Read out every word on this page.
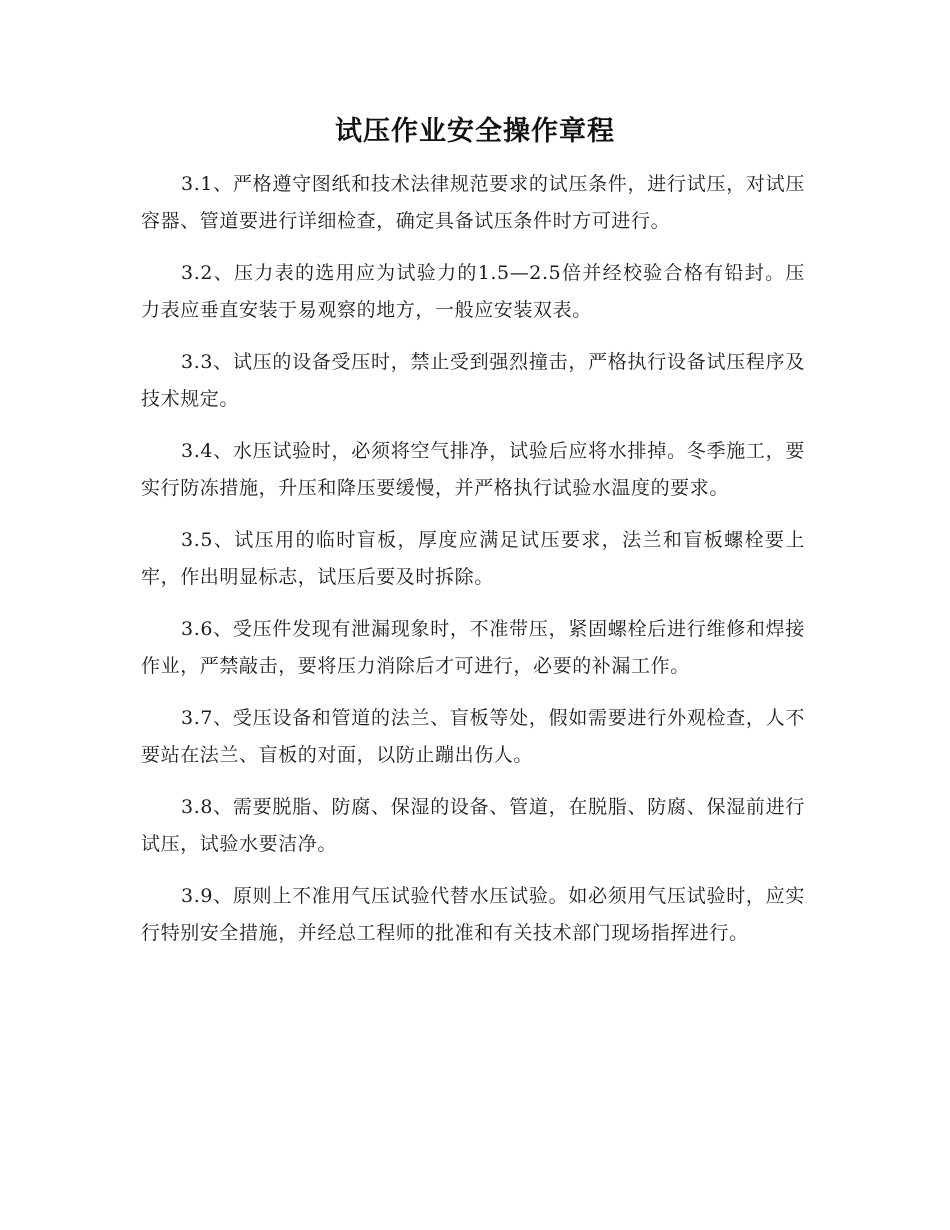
试压作业安全操作章程

3.1、严格遵守图纸和技术法律规范要求的试压条件，进行试压，对试压容器、管道要进行详细检查，确定具备试压条件时方可进行。

3.2、压力表的选用应为试验力的1.5—2.5倍并经校验合格有铅封。压力表应垂直安装于易观察的地方，一般应安装双表。

3.3、试压的设备受压时，禁止受到强烈撞击，严格执行设备试压程序及技术规定。

3.4、水压试验时，必须将空气排净，试验后应将水排掉。冬季施工，要实行防冻措施，升压和降压要缓慢，并严格执行试验水温度的要求。

3.5、试压用的临时盲板，厚度应满足试压要求，法兰和盲板螺栓要上牢，作出明显标志，试压后要及时拆除。

3.6、受压件发现有泄漏现象时，不准带压，紧固螺栓后进行维修和焊接作业，严禁敲击，要将压力消除后才可进行，必要的补漏工作。

3.7、受压设备和管道的法兰、盲板等处，假如需要进行外观检查，人不要站在法兰、盲板的对面，以防止蹦出伤人。

3.8、需要脱脂、防腐、保湿的设备、管道，在脱脂、防腐、保湿前进行试压，试验水要洁净。

3.9、原则上不准用气压试验代替水压试验。如必须用气压试验时，应实行特别安全措施，并经总工程师的批准和有关技术部门现场指挥进行。
